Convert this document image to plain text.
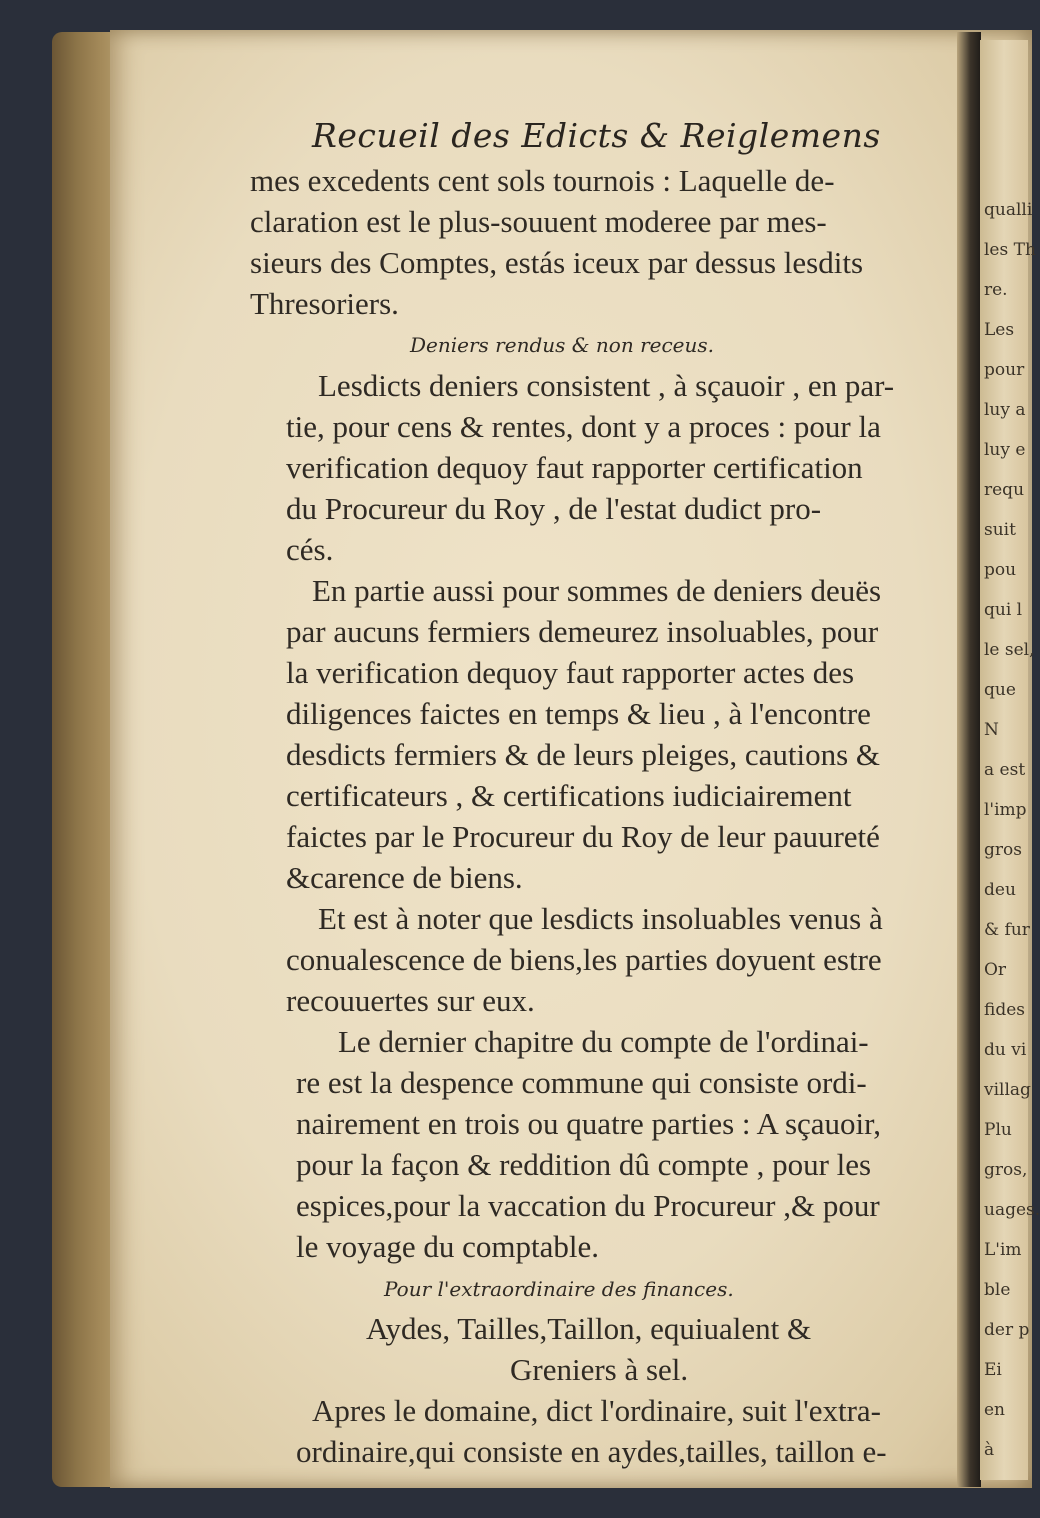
qualli
les Th
re.
Les
pour
luy a
luy e
requ
suit
pou
qui l
le sel,
que
N
a est
l'imp
gros
deu
& fur
Or
fides
du vi
villag
Plu
gros,
uages.
L'im
ble
der p
Ei
en
à
Recueil des Edicts & Reiglemens
mes excedents cent sols tournois : Laquelle de-
claration est le plus-souuent moderee par mes-
sieurs des Comptes, estás iceux par dessus lesdits
Thresoriers.
Lesdicts deniers consistent , à sçauoir , en par-
tie, pour cens & rentes, dont y a proces : pour la
verification dequoy faut rapporter certification
du Procureur du Roy , de l'estat dudict pro-
cés.
En partie aussi pour sommes de deniers deuës
par aucuns fermiers demeurez insoluables, pour
la verification dequoy faut rapporter actes des
diligences faictes en temps & lieu , à l'encontre
desdicts fermiers & de leurs pleiges, cautions &
certificateurs , & certifications iudiciairement
faictes par le Procureur du Roy de leur pauureté
&carence de biens.
Et est à noter que lesdicts insoluables venus à
conualescence de biens,les parties doyuent estre
recouuertes sur eux.
Le dernier chapitre du compte de l'ordinai-
re est la despence commune qui consiste ordi-
nairement en trois ou quatre parties : A sçauoir,
pour la façon & reddition dû compte , pour les
espices,pour la vaccation du Procureur ,& pour
le voyage du comptable.
Aydes, Tailles,Taillon, equiualent &
Greniers à sel.
Apres le domaine, dict l'ordinaire, suit l'extra-
ordinaire,qui consiste en aydes,tailles, taillon e-
Deniers rendus & non receus.
Pour l'extraordinaire des finances.
